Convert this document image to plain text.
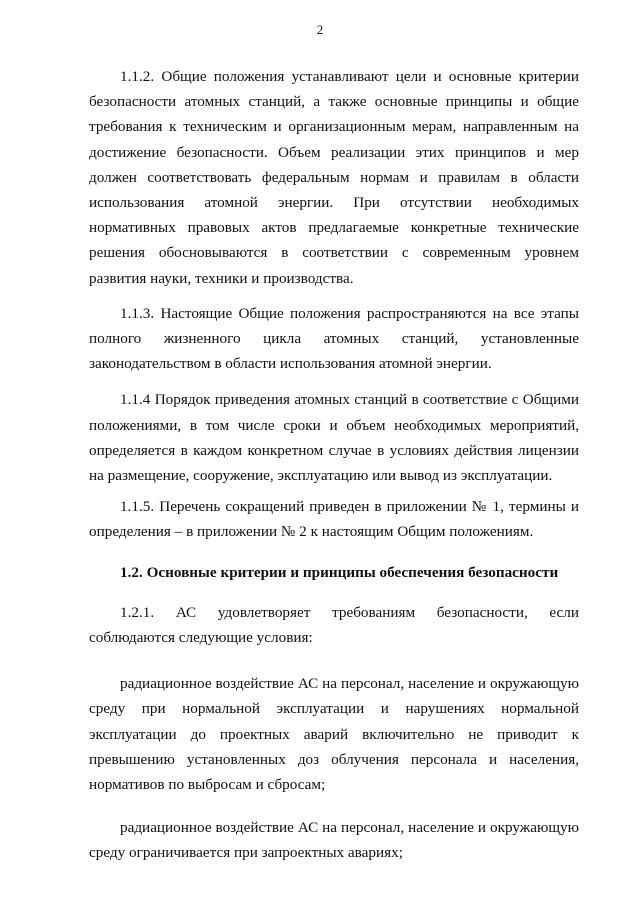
2

1.1.2. Общие положения устанавливают цели и основные критерии безопасности атомных станций, а также основные принципы и общие требования к техническим и организационным мерам, направленным на достижение безопасности. Объем реализации этих принципов и мер должен соответствовать федеральным нормам и правилам в области использования атомной энергии. При отсутствии необходимых нормативных правовых актов предлагаемые конкретные технические решения обосновываются в соответствии с современным уровнем развития науки, техники и производства.

1.1.3. Настоящие Общие положения распространяются на все этапы полного жизненного цикла атомных станций, установленные законодательством в области использования атомной энергии.

1.1.4 Порядок приведения атомных станций в соответствие с Общими положениями, в том числе сроки и объем необходимых мероприятий, определяется в каждом конкретном случае в условиях действия лицензии на размещение, сооружение, эксплуатацию или вывод из эксплуатации.

1.1.5. Перечень сокращений приведен в приложении № 1, термины и определения – в приложении № 2 к настоящим Общим положениям.

1.2. Основные критерии и принципы обеспечения безопасности

1.2.1. АС удовлетворяет требованиям безопасности, если соблюдаются следующие условия:

радиационное воздействие АС на персонал, население и окружающую среду при нормальной эксплуатации и нарушениях нормальной эксплуатации до проектных аварий включительно не приводит к превышению установленных доз облучения персонала и населения, нормативов по выбросам и сбросам;

радиационное воздействие АС на персонал, население и окружающую среду ограничивается при запроектных авариях;
